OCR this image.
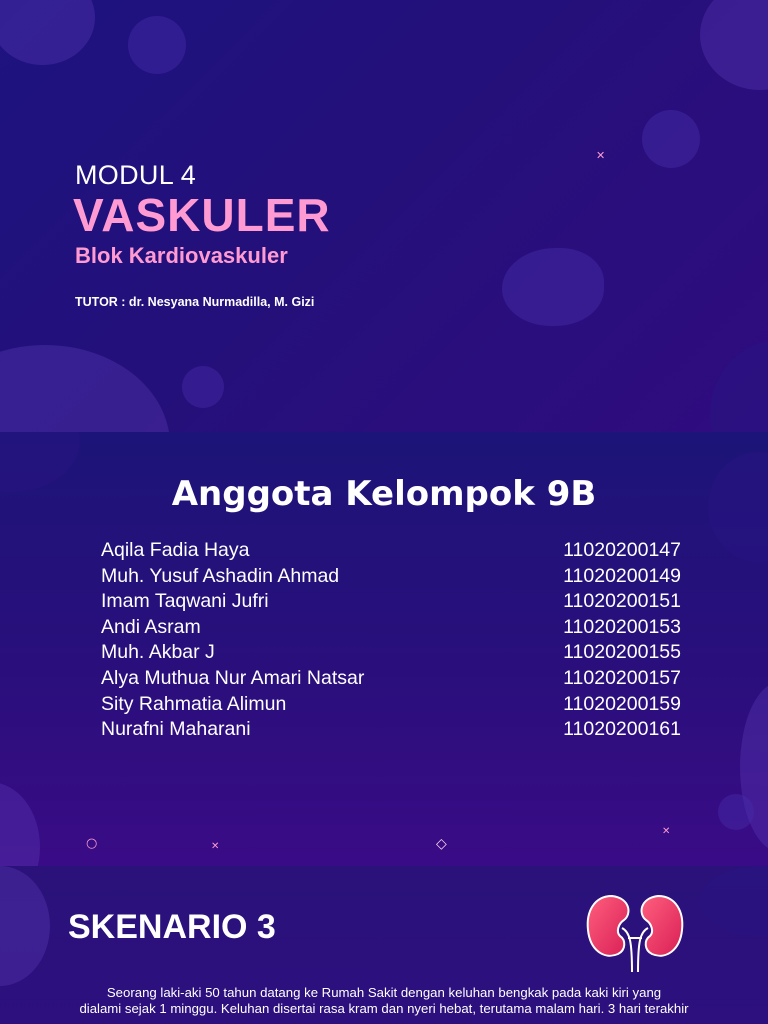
✕
MODUL 4
VASKULER
Blok Kardiovaskuler
TUTOR : dr. Nesyana Nurmadilla, M. Gizi
Anggota Kelompok 9B
Aqila Fadia Haya	11020200147
Muh. Yusuf Ashadin Ahmad	11020200149
Imam Taqwani Jufri	11020200151
Andi Asram	11020200153
Muh. Akbar J	11020200155
Alya Muthua Nur Amari Natsar	11020200157
Sity Rahmatia Alimun	11020200159
Nurafni Maharani	11020200161
○	✕	◇
✕
SKENARIO 3
Seorang laki-aki 50 tahun datang ke Rumah Sakit dengan keluhan bengkak pada kaki kiri yang
dialami sejak 1 minggu. Keluhan disertai rasa kram dan nyeri hebat, terutama malam hari. 3 hari terakhir
